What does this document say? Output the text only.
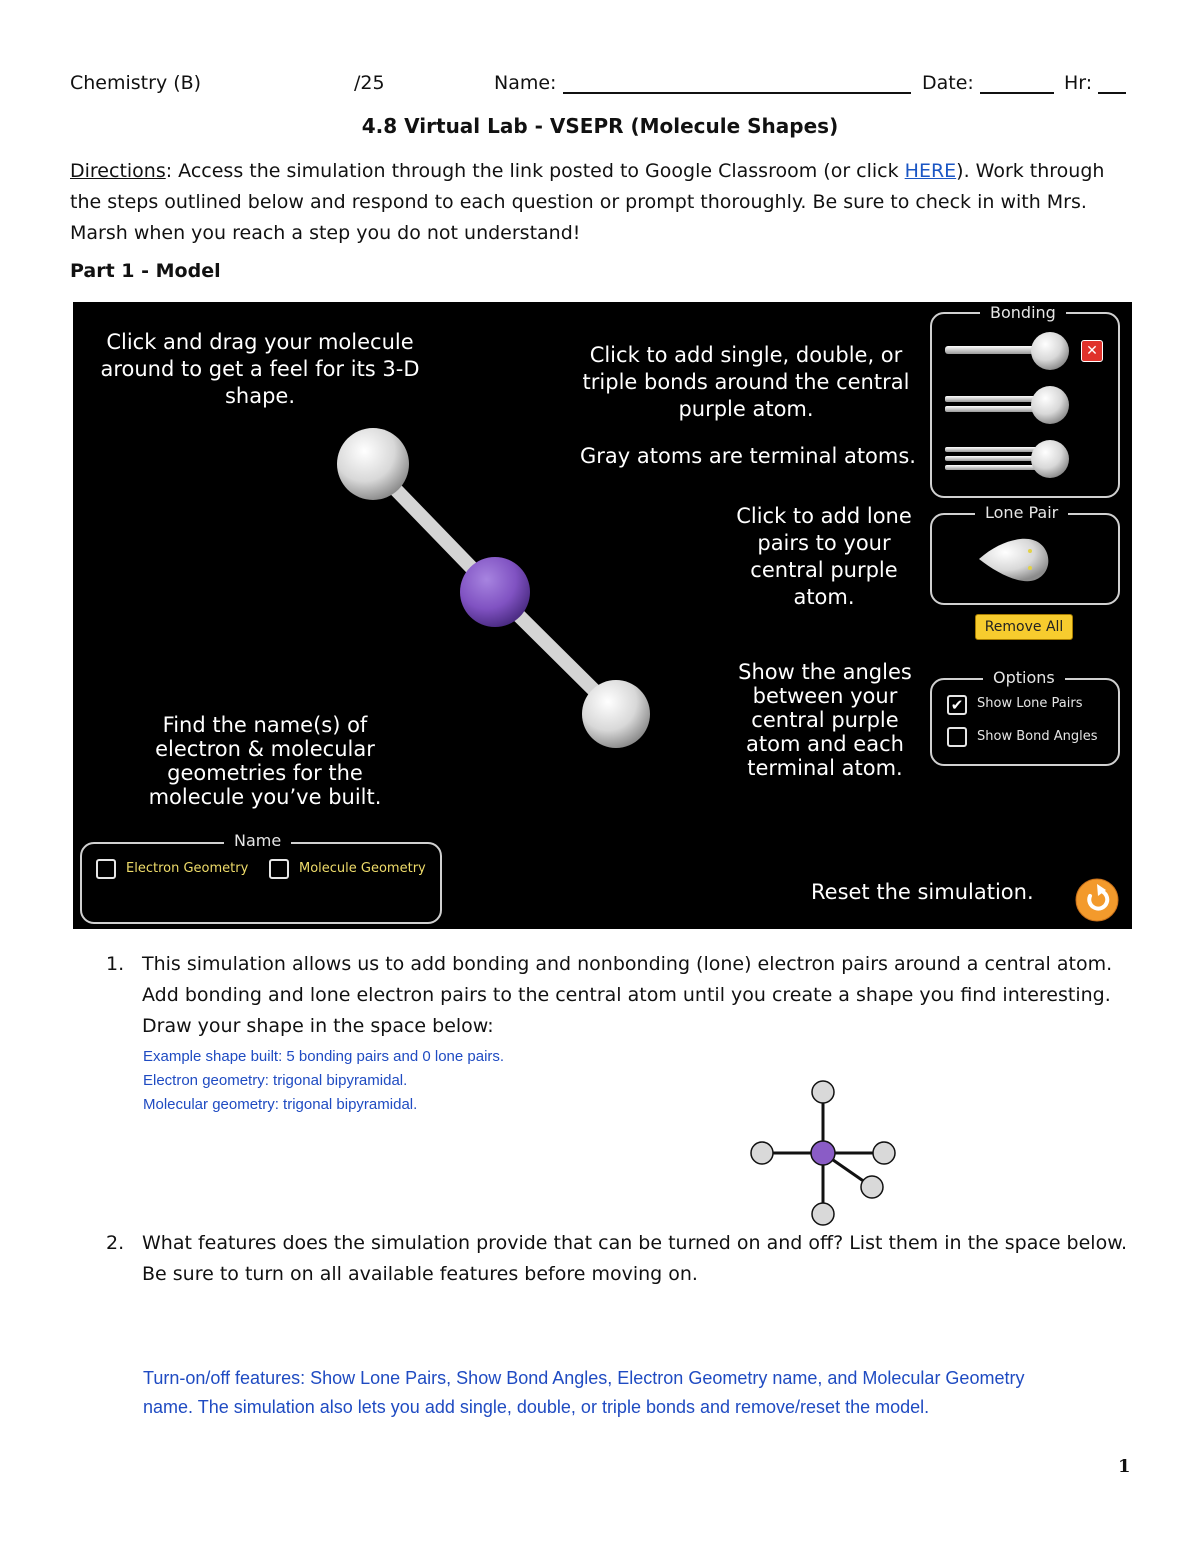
Chemistry (B)	/25	Name:	Date:	Hr:
4.8 Virtual Lab - VSEPR (Molecule Shapes)
Directions: Access the simulation through the link posted to Google Classroom (or click HERE). Work through the steps outlined below and respond to each question or prompt thoroughly. Be sure to check in with Mrs. Marsh when you reach a step you do not understand!
Part 1 - Model
Click and drag your molecule around to get a feel for its 3-D shape.
Click to add single, double, or triple bonds around the central purple atom.
Gray atoms are terminal atoms.
Click to add lone pairs to your central purple atom.
Show the angles between your central purple atom and each terminal atom.
Find the name(s) of electron & molecular geometries for the molecule you’ve built.
Reset the simulation.
Bonding
✕
Lone Pair
Remove All
Options
✔ Show Lone Pairs
Show Bond Angles
Name
Electron Geometry	Molecule Geometry
1. This simulation allows us to add bonding and nonbonding (lone) electron pairs around a central atom. Add bonding and lone electron pairs to the central atom until you create a shape you find interesting. Draw your shape in the space below:
Example shape built: 5 bonding pairs and 0 lone pairs.
Electron geometry: trigonal bipyramidal.
Molecular geometry: trigonal bipyramidal.
2. What features does the simulation provide that can be turned on and off? List them in the space below. Be sure to turn on all available features before moving on.
Turn-on/off features: Show Lone Pairs, Show Bond Angles, Electron Geometry name, and Molecular Geometry name. The simulation also lets you add single, double, or triple bonds and remove/reset the model.
1
